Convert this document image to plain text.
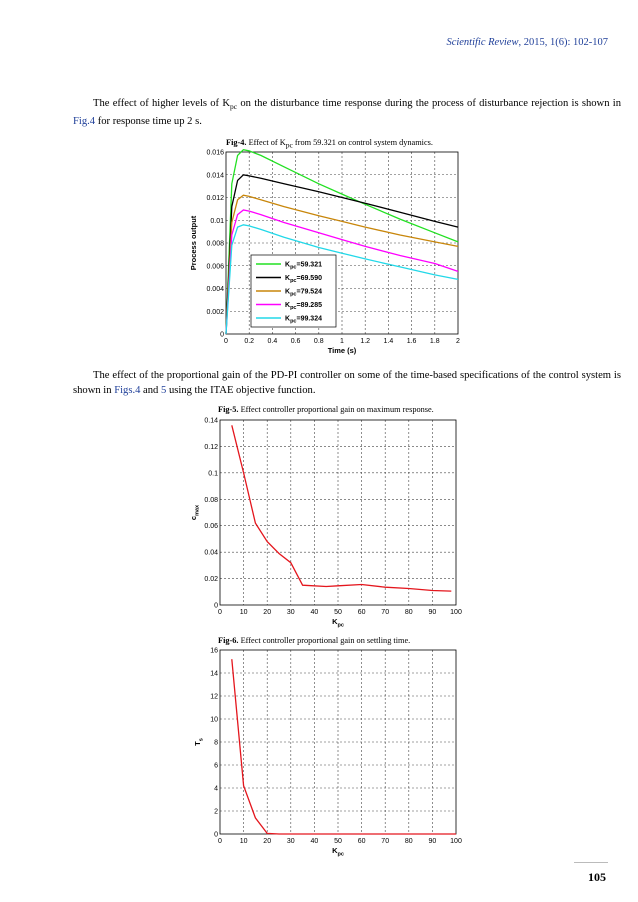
Scientific Review, 2015, 1(6): 102-107
The effect of higher levels of $K_{pc}$ on the disturbance time response during the process of disturbance rejection is shown in Fig.4 for response time up 2 s.
Fig-4. Effect of $K_{pc}$ from 59.321 on control system dynamics.
0 0.2 0.4 0.6 0.8 1 1.2 1.4 1.6 1.8 2
0
0.002
0.004
0.006
0.008
0.01
0.012
0.014
0.016
Time (s)
Process output	$K_{pc}=59.321$
$K_{pc}=69.590$
$K_{pc}=79.524$
$K_{pc}=89.285$
$K_{pc}=99.324$
The effect of the proportional gain of the PD-PI controller on some of the time-based specifications of the control system is shown in Figs.4 and 5 using the ITAE objective function.
Fig-5. Effect controller proportional gain on maximum response.
0	10 20 30 40 50 60 70 80 90 100
0
0.02
0.04
0.06
0.08
0.1
0.12
0.14
$K_{pc}$
$c_{max}$
Fig-6. Effect controller proportional gain on settling time.
0	10 20 30 40 50 60 70 80 90 100
0
2
4
6
8
10
12
14
16
$K_{pc}$
$T_s$
105
